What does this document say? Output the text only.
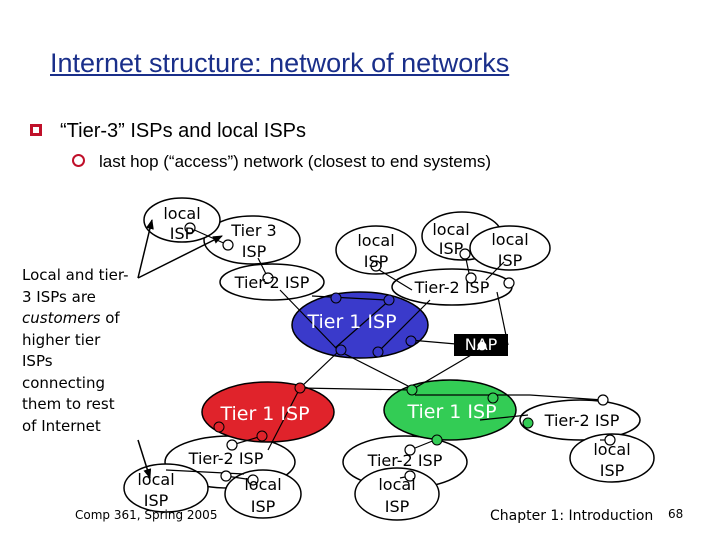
Internet structure: network of networks
“Tier-3” ISPs and local ISPs
last hop (“access”) network (closest to end systems)

Local and tier-

3 ISPs are customers of

higher tier

ISPs

connecting

them to rest

of Internet

local
ISP Tier 3
ISP
local
ISP
local
ISP local
ISP
Tier-2 ISP	Tier-2 ISP
Tier 1 ISP
NAP
Tier 1 ISP	Tier 1 ISP
Tier-2 ISP	Tier-2 ISP
Tier-2 ISP
local
ISP
local
ISP
local
ISP
local
ISP
Comp 361, Spring 2005	Chapter 1: Introduction 68
